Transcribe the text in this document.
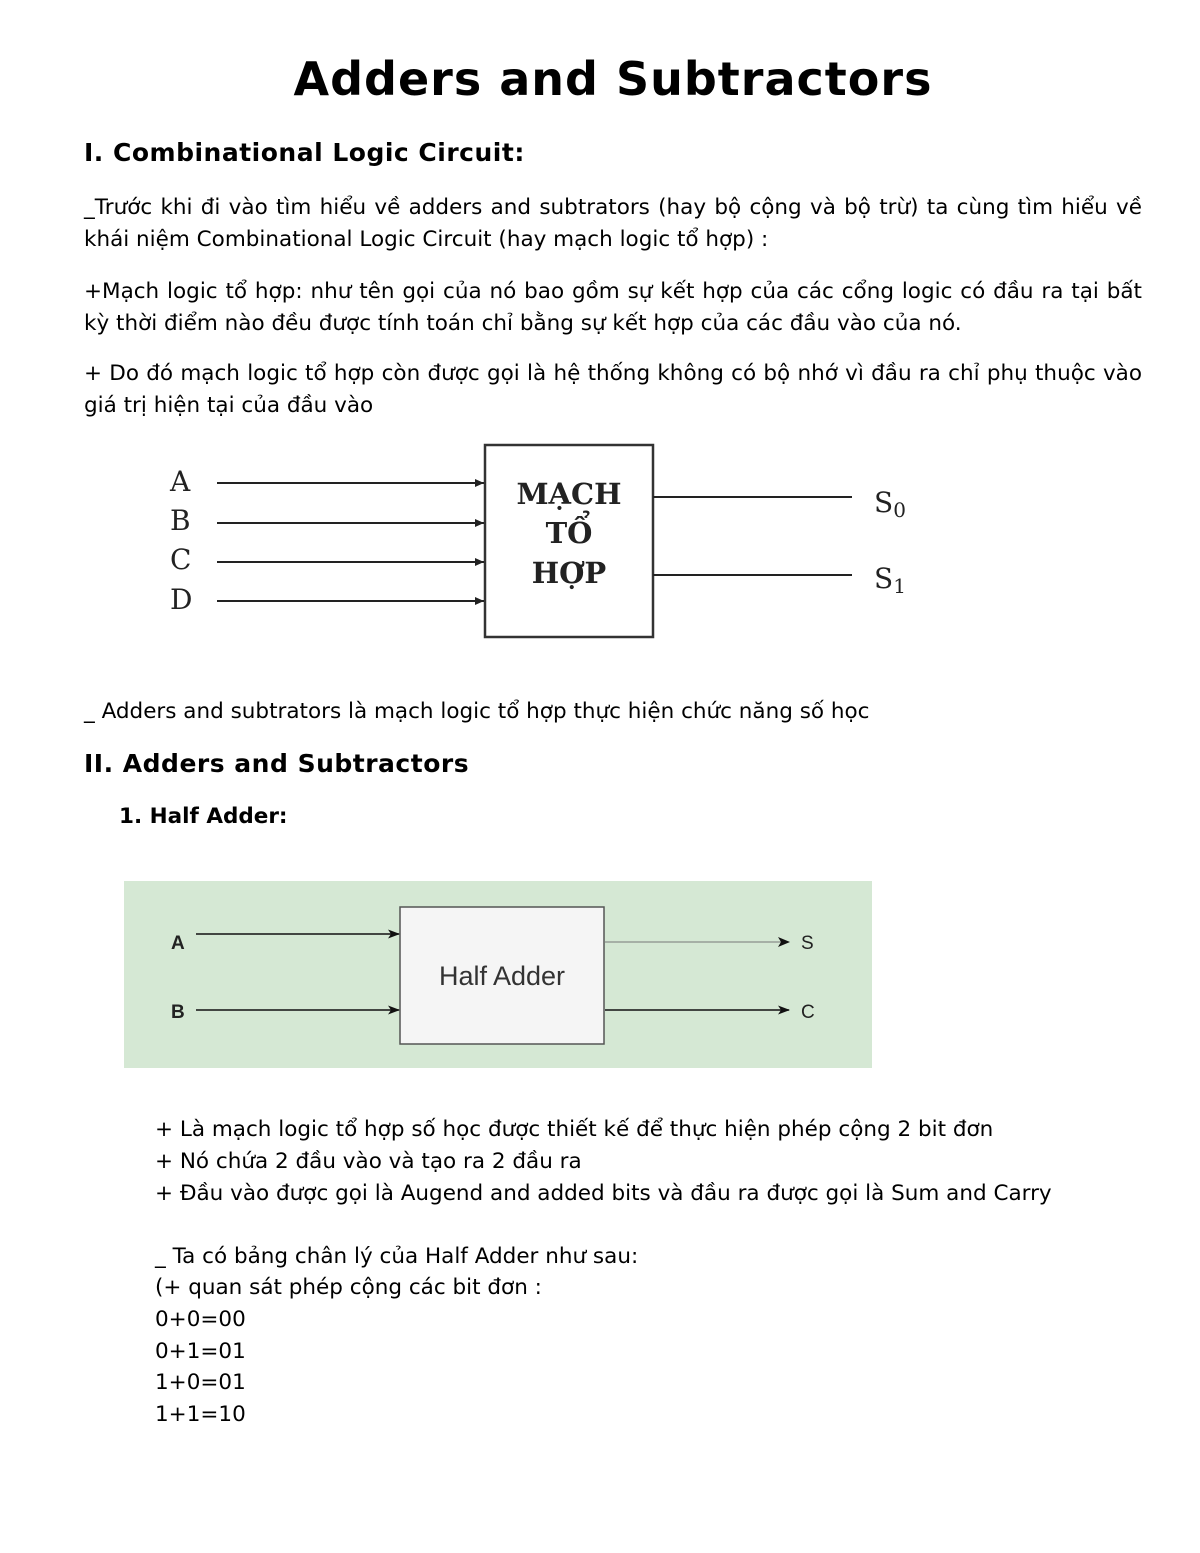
Adders and Subtractors
I. Combinational Logic Circuit:
_Trước khi đi vào tìm hiểu về adders and subtrators (hay bộ cộng và bộ trừ) ta cùng tìm hiểu về khái niệm Combinational Logic Circuit (hay mạch logic tổ hợp) :
+Mạch logic tổ hợp: như tên gọi của nó bao gồm sự kết hợp của các cổng logic có đầu ra tại bất kỳ thời điểm nào đều được tính toán chỉ bằng sự kết hợp của các đầu vào của nó.
+ Do đó mạch logic tổ hợp còn được gọi là hệ thống không có bộ nhớ vì đầu ra chỉ phụ thuộc vào giá trị hiện tại của đầu vào
A
B
C
D
MẠCH
TỔ
HỢP
S0
S1
_ Adders and subtrators là mạch logic tổ hợp thực hiện chức năng số học
II. Adders and Subtractors
1. Half Adder:
A
B
Half Adder
S
C
+ Là mạch logic tổ hợp số học được thiết kế để thực hiện phép cộng 2 bit đơn
+ Nó chứa 2 đầu vào và tạo ra 2 đầu ra
+ Đầu vào được gọi là Augend and added bits và đầu ra được gọi là Sum and Carry
_ Ta có bảng chân lý của Half Adder như sau:
(+ quan sát phép cộng các bit đơn :
0+0=00
0+1=01
1+0=01
1+1=10
